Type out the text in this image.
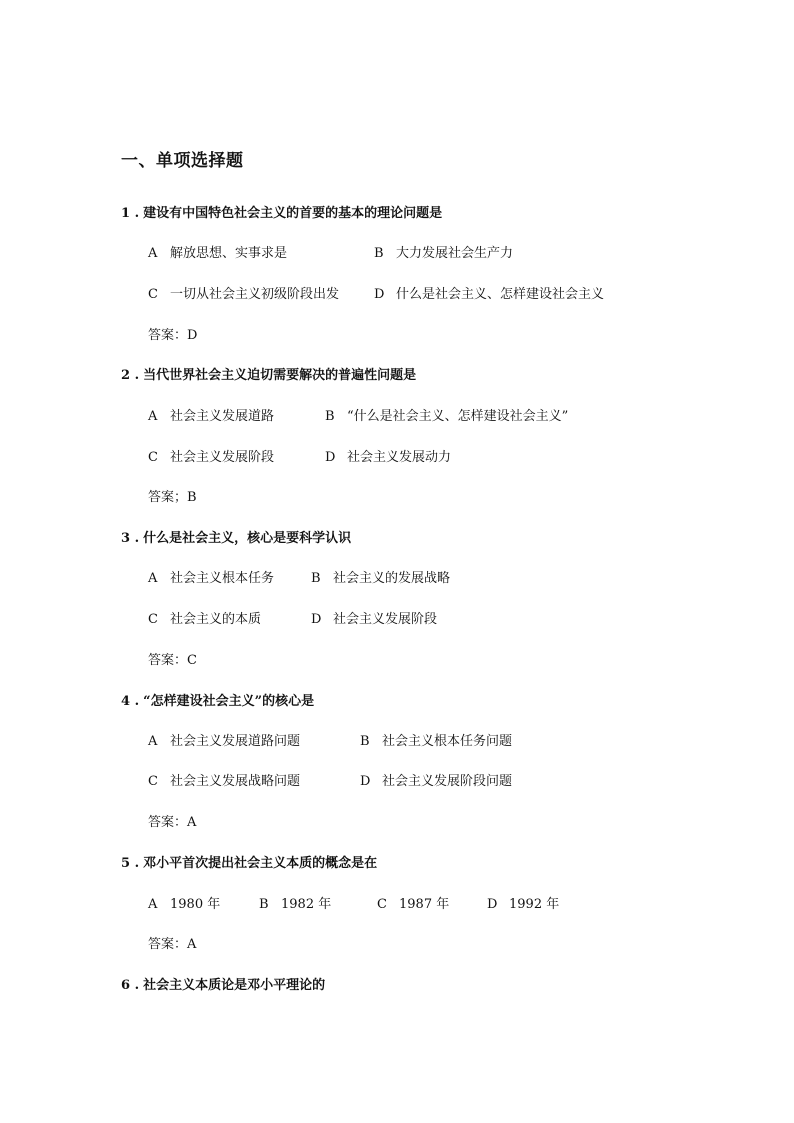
一、单项选择题
1 . 建设有中国特色社会主义的首要的基本的理论问题是
A 解放思想、实事求是	B 大力发展社会生产力
C 一切从社会主义初级阶段出发	D 什么是社会主义、怎样建设社会主义
答案：D
2 . 当代世界社会主义迫切需要解决的普遍性问题是
A 社会主义发展道路	B “什么是社会主义、怎样建设社会主义”
C 社会主义发展阶段	D 社会主义发展动力
答案；B
3 . 什么是社会主义，核心是要科学认识
A 社会主义根本任务	B 社会主义的发展战略
C 社会主义的本质	D 社会主义发展阶段
答案：C
4 . “怎样建设社会主义”的核心是
A 社会主义发展道路问题	B 社会主义根本任务问题
C 社会主义发展战略问题	D 社会主义发展阶段问题
答案：A
5 . 邓小平首次提出社会主义本质的概念是在
A 1980 年	B 1982 年	C 1987 年	D 1992 年
答案：A
6 . 社会主义本质论是邓小平理论的
